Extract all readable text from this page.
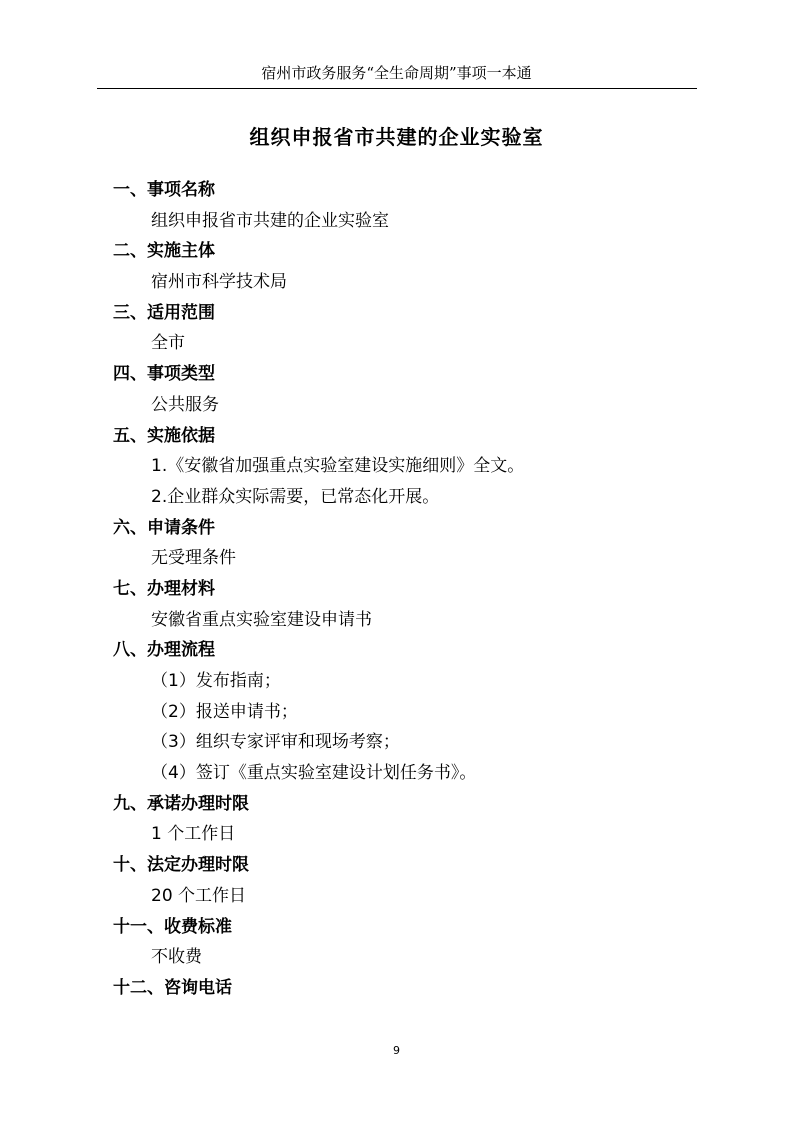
宿州市政务服务“全生命周期”事项一本通
组织申报省市共建的企业实验室
一、事项名称
组织申报省市共建的企业实验室
二、实施主体
宿州市科学技术局
三、适用范围
全市
四、事项类型
公共服务
五、实施依据
1.《安徽省加强重点实验室建设实施细则》全文。
2.企业群众实际需要，已常态化开展。
六、申请条件
无受理条件
七、办理材料
安徽省重点实验室建设申请书
八、办理流程
（1）发布指南；
（2）报送申请书；
（3）组织专家评审和现场考察；
（4）签订《重点实验室建设计划任务书》。
九、承诺办理时限
1 个工作日
十、法定办理时限
20 个工作日
十一、收费标准
不收费
十二、咨询电话
9
